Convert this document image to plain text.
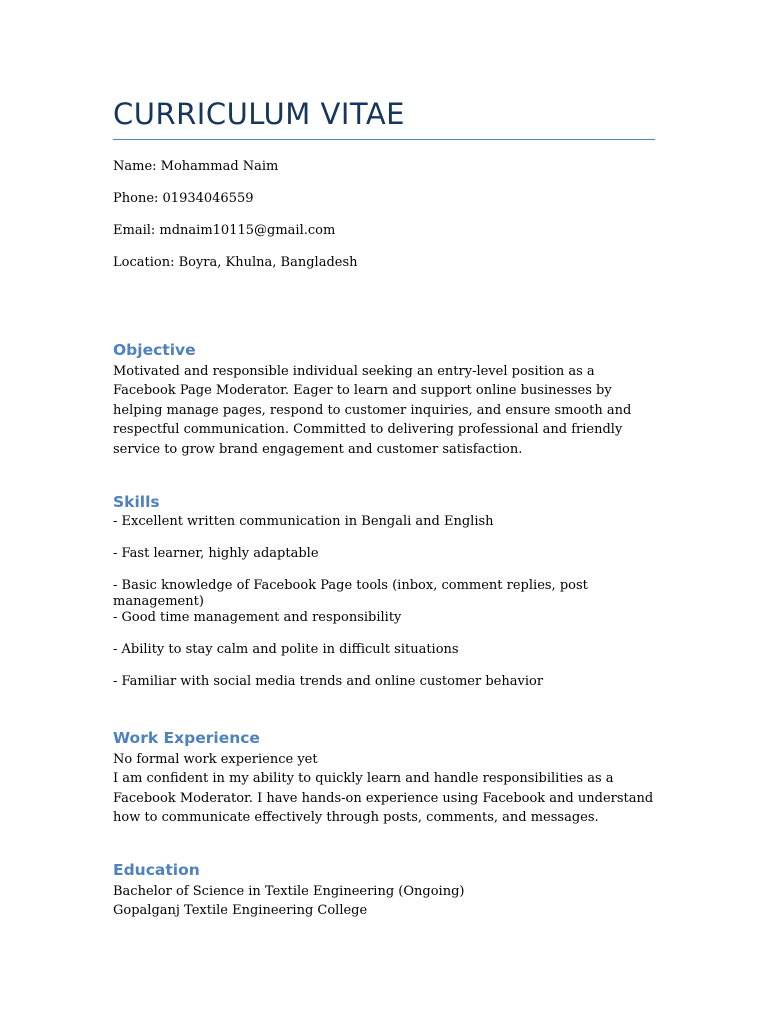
CURRICULUM VITAE
Name: Mohammad Naim
Phone: 01934046559
Email: mdnaim10115@gmail.com
Location: Boyra, Khulna, Bangladesh
Objective

Motivated and responsible individual seeking an entry-level position as a Facebook Page Moderator. Eager to learn and support online businesses by helping manage pages, respond to customer inquiries, and ensure smooth and respectful communication. Committed to delivering professional and friendly service to grow brand engagement and customer satisfaction.

Skills
- Excellent written communication in Bengali and English
- Fast learner, highly adaptable
- Basic knowledge of Facebook Page tools (inbox, comment replies, post management)
- Good time management and responsibility
- Ability to stay calm and polite in difficult situations
- Familiar with social media trends and online customer behavior
Work Experience

No formal work experience yet

I am confident in my ability to quickly learn and handle responsibilities as a Facebook Moderator. I have hands-on experience using Facebook and understand how to communicate effectively through posts, comments, and messages.

Education

Bachelor of Science in Textile Engineering (Ongoing)

Gopalganj Textile Engineering College
